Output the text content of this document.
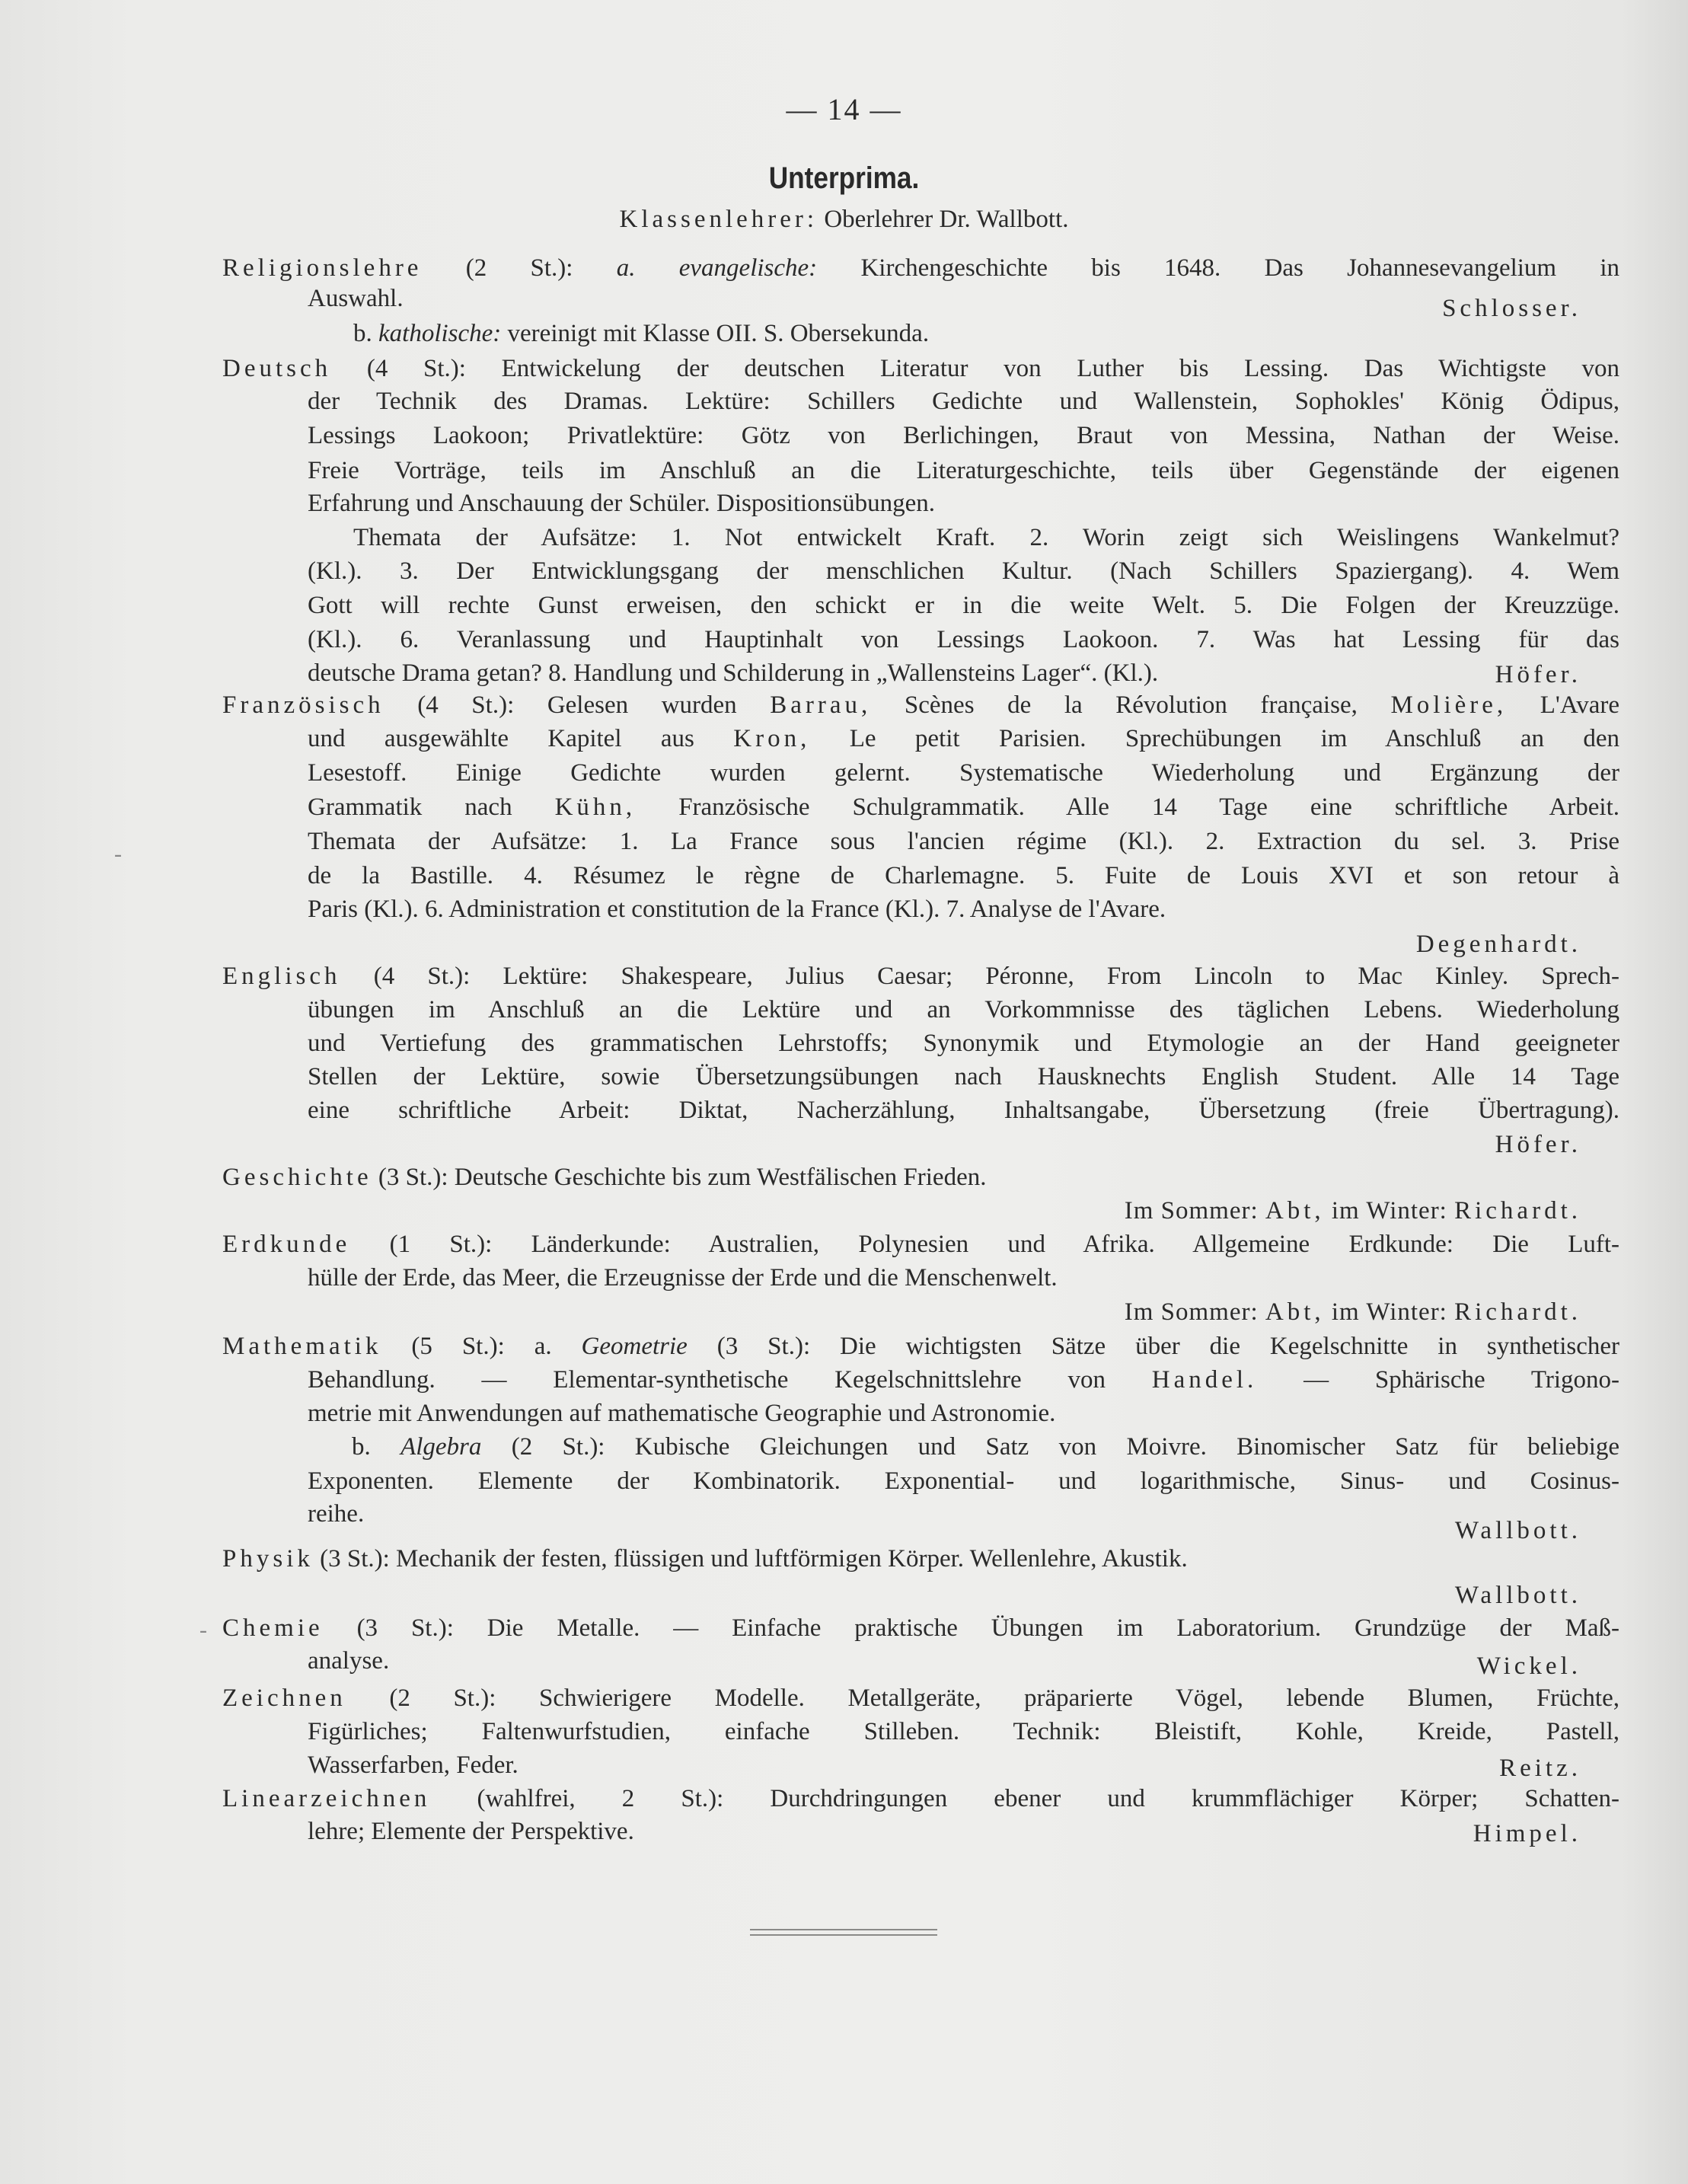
— 14 —
Unterprima.
Klassenlehrer: Oberlehrer Dr. Wallbott.
Religionslehre (2 St.): a. evangelische: Kirchengeschichte bis 1648. Das Johannesevangelium in
Auswahl.	Schlosser.
b. katholische: vereinigt mit Klasse OII. S. Obersekunda.
Deutsch (4 St.): Entwickelung der deutschen Literatur von Luther bis Lessing. Das Wichtigste von
der Technik des Dramas. Lektüre: Schillers Gedichte und Wallenstein, Sophokles' König Ödipus,
Lessings Laokoon; Privatlektüre: Götz von Berlichingen, Braut von Messina, Nathan der Weise.
Freie Vorträge, teils im Anschluß an die Literaturgeschichte, teils über Gegenstände der eigenen
Erfahrung und Anschauung der Schüler. Dispositionsübungen.
Themata der Aufsätze: 1. Not entwickelt Kraft. 2. Worin zeigt sich Weislingens Wankelmut?
(Kl.). 3. Der Entwicklungsgang der menschlichen Kultur. (Nach Schillers Spaziergang). 4. Wem
Gott will rechte Gunst erweisen, den schickt er in die weite Welt. 5. Die Folgen der Kreuzzüge.
(Kl.). 6. Veranlassung und Hauptinhalt von Lessings Laokoon. 7. Was hat Lessing für das
deutsche Drama getan? 8. Handlung und Schilderung in „Wallensteins Lager“. (Kl.).	Höfer.
Französisch (4 St.): Gelesen wurden Barrau, Scènes de la Révolution française, Molière, L'Avare
und ausgewählte Kapitel aus Kron, Le petit Parisien. Sprechübungen im Anschluß an den
Lesestoff. Einige Gedichte wurden gelernt. Systematische Wiederholung und Ergänzung der
Grammatik nach Kühn, Französische Schulgrammatik. Alle 14 Tage eine schriftliche Arbeit.
Themata der Aufsätze: 1. La France sous l'ancien régime (Kl.). 2. Extraction du sel. 3. Prise
de la Bastille. 4. Résumez le règne de Charlemagne. 5. Fuite de Louis XVI et son retour à
Paris (Kl.). 6. Administration et constitution de la France (Kl.). 7. Analyse de l'Avare.
Degenhardt.
Englisch (4 St.): Lektüre: Shakespeare, Julius Caesar; Péronne, From Lincoln to Mac Kinley. Sprech-
übungen im Anschluß an die Lektüre und an Vorkommnisse des täglichen Lebens. Wiederholung
und Vertiefung des grammatischen Lehrstoffs; Synonymik und Etymologie an der Hand geeigneter
Stellen der Lektüre, sowie Übersetzungsübungen nach Hausknechts English Student. Alle 14 Tage
eine schriftliche Arbeit: Diktat, Nacherzählung, Inhaltsangabe, Übersetzung (freie Übertragung).
Höfer.
Geschichte (3 St.): Deutsche Geschichte bis zum Westfälischen Frieden.
Im Sommer: Abt, im Winter: Richardt.
Erdkunde (1 St.): Länderkunde: Australien, Polynesien und Afrika. Allgemeine Erdkunde: Die Luft-
hülle der Erde, das Meer, die Erzeugnisse der Erde und die Menschenwelt.
Im Sommer: Abt, im Winter: Richardt.
Mathematik (5 St.): a. Geometrie (3 St.): Die wichtigsten Sätze über die Kegelschnitte in synthetischer
Behandlung. — Elementar-synthetische Kegelschnittslehre von Handel. — Sphärische Trigono-
metrie mit Anwendungen auf mathematische Geographie und Astronomie.
b. Algebra (2 St.): Kubische Gleichungen und Satz von Moivre. Binomischer Satz für beliebige
Exponenten. Elemente der Kombinatorik. Exponential- und logarithmische, Sinus- und Cosinus-
reihe.
Wallbott.
Physik (3 St.): Mechanik der festen, flüssigen und luftförmigen Körper. Wellenlehre, Akustik.
Wallbott.
- Chemie (3 St.): Die Metalle. — Einfache praktische Übungen im Laboratorium. Grundzüge der Maß-
analyse.	Wickel.
Zeichnen (2 St.): Schwierigere Modelle. Metallgeräte, präparierte Vögel, lebende Blumen, Früchte,
Figürliches; Faltenwurfstudien, einfache Stilleben. Technik: Bleistift, Kohle, Kreide, Pastell,
Wasserfarben, Feder.	Reitz.
Linearzeichnen (wahlfrei, 2 St.): Durchdringungen ebener und krummflächiger Körper; Schatten-
lehre; Elemente der Perspektive.	Himpel.
-
